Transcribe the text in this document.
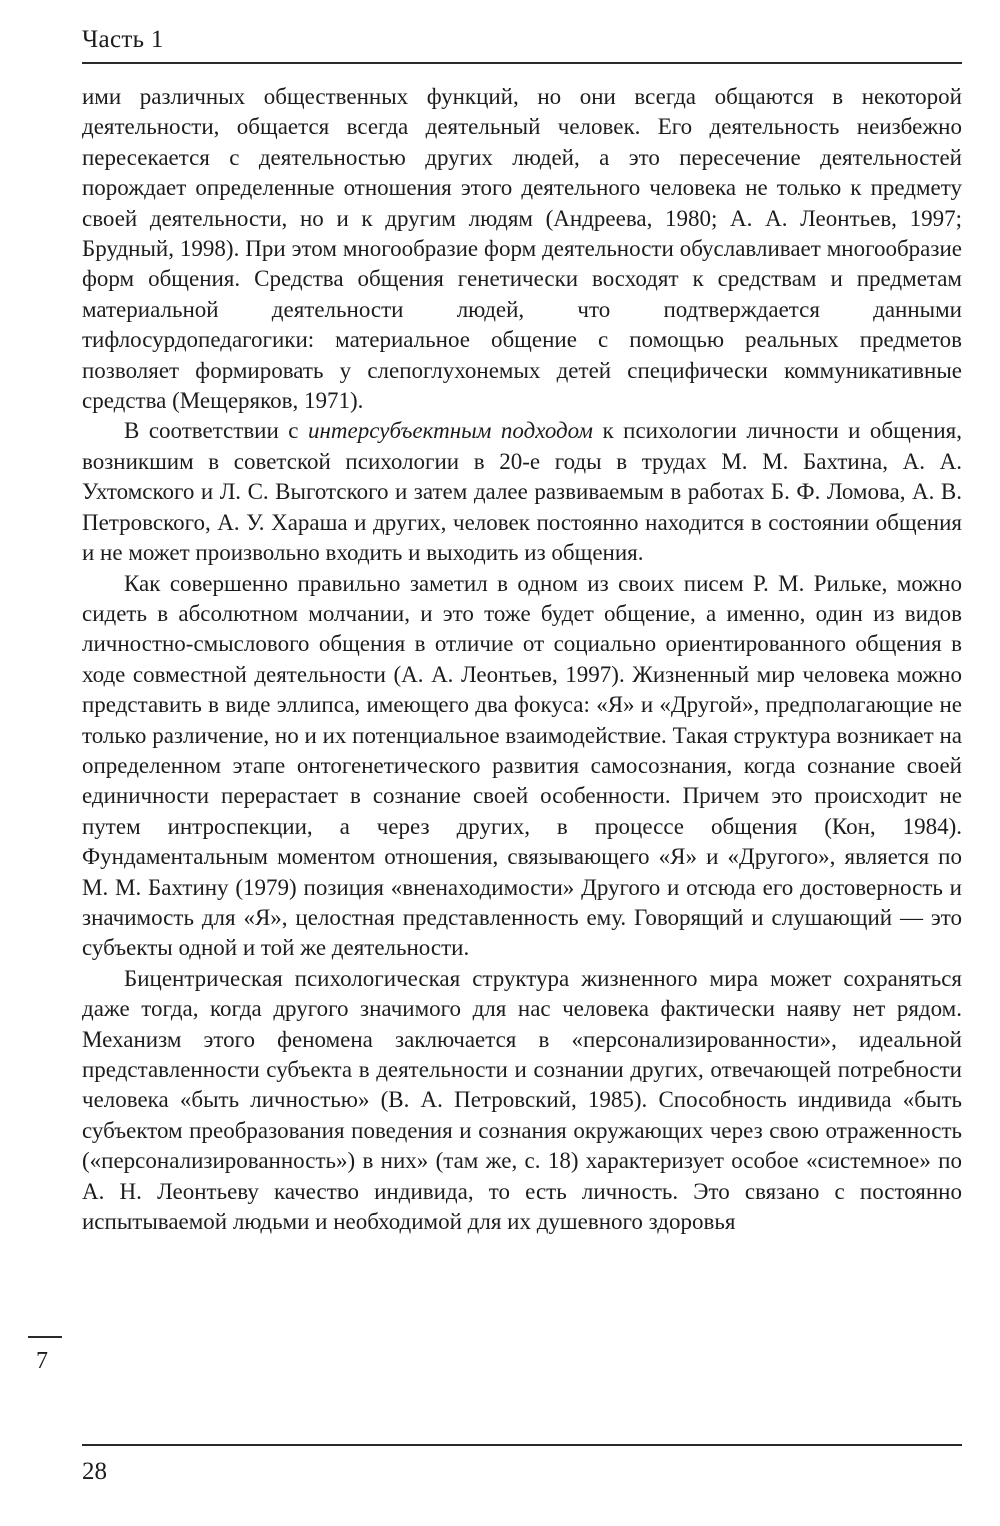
Часть 1

ими различных общественных функций, но они всегда общаются в некоторой деятельности, общается всегда деятельный человек. Его деятельность неизбежно пересекается с деятельностью других людей, а это пересечение деятельностей порождает определенные отношения этого деятельного человека не только к предмету своей деятельности, но и к другим людям (Андреева, 1980; А. А. Леонтьев, 1997; Брудный, 1998). При этом многообразие форм деятельности обуславливает многообразие форм общения. Средства общения генетически восходят к средствам и предметам материальной деятельности людей, что подтверждается данными тифлосурдопедагогики: материальное общение с помощью реальных предметов позволяет формировать у слепоглухонемых детей специфически коммуникативные средства (Мещеряков, 1971).

В соответствии с интерсубъектным подходом к психологии личности и общения, возникшим в советской психологии в 20-е годы в трудах М. М. Бахтина, А. А. Ухтомского и Л. С. Выготского и затем далее развиваемым в работах Б. Ф. Ломова, А. В. Петровского, А. У. Хараша и других, человек постоянно находится в состоянии общения и не может произвольно входить и выходить из общения.

Как совершенно правильно заметил в одном из своих писем Р. М. Рильке, можно сидеть в абсолютном молчании, и это тоже будет общение, а именно, один из видов личностно-смыслового общения в отличие от социально ориентированного общения в ходе совместной деятельности (А. А. Леонтьев, 1997). Жизненный мир человека можно представить в виде эллипса, имеющего два фокуса: «Я» и «Другой», предполагающие не только различение, но и их потенциальное взаимодействие. Такая структура возникает на определенном этапе онтогенетического развития самосознания, когда сознание своей единичности перерастает в сознание своей особенности. Причем это происходит не путем интроспекции, а через других, в процессе общения (Кон, 1984). Фундаментальным моментом отношения, связывающего «Я» и «Другого», является по М. М. Бахтину (1979) позиция «вненаходимости» Другого и отсюда его достоверность и значимость для «Я», целостная представленность ему. Говорящий и слушающий — это субъекты одной и той же деятельности.

Бицентрическая психологическая структура жизненного мира может сохраняться даже тогда, когда другого значимого для нас человека фактически наяву нет рядом. Механизм этого феномена заключается в «персонализированности», идеальной представленности субъекта в деятельности и сознании других, отвечающей потребности человека «быть личностью» (В. А. Петровский, 1985). Способность индивида «быть субъектом преобразования поведения и сознания окружающих через свою отраженность («персонализированность») в них» (там же, с. 18) характеризует особое «системное» по А. Н. Леонтьеву качество индивида, то есть личность. Это связано с постоянно испытываемой людьми и необходимой для их душевного здоровья

7
28
